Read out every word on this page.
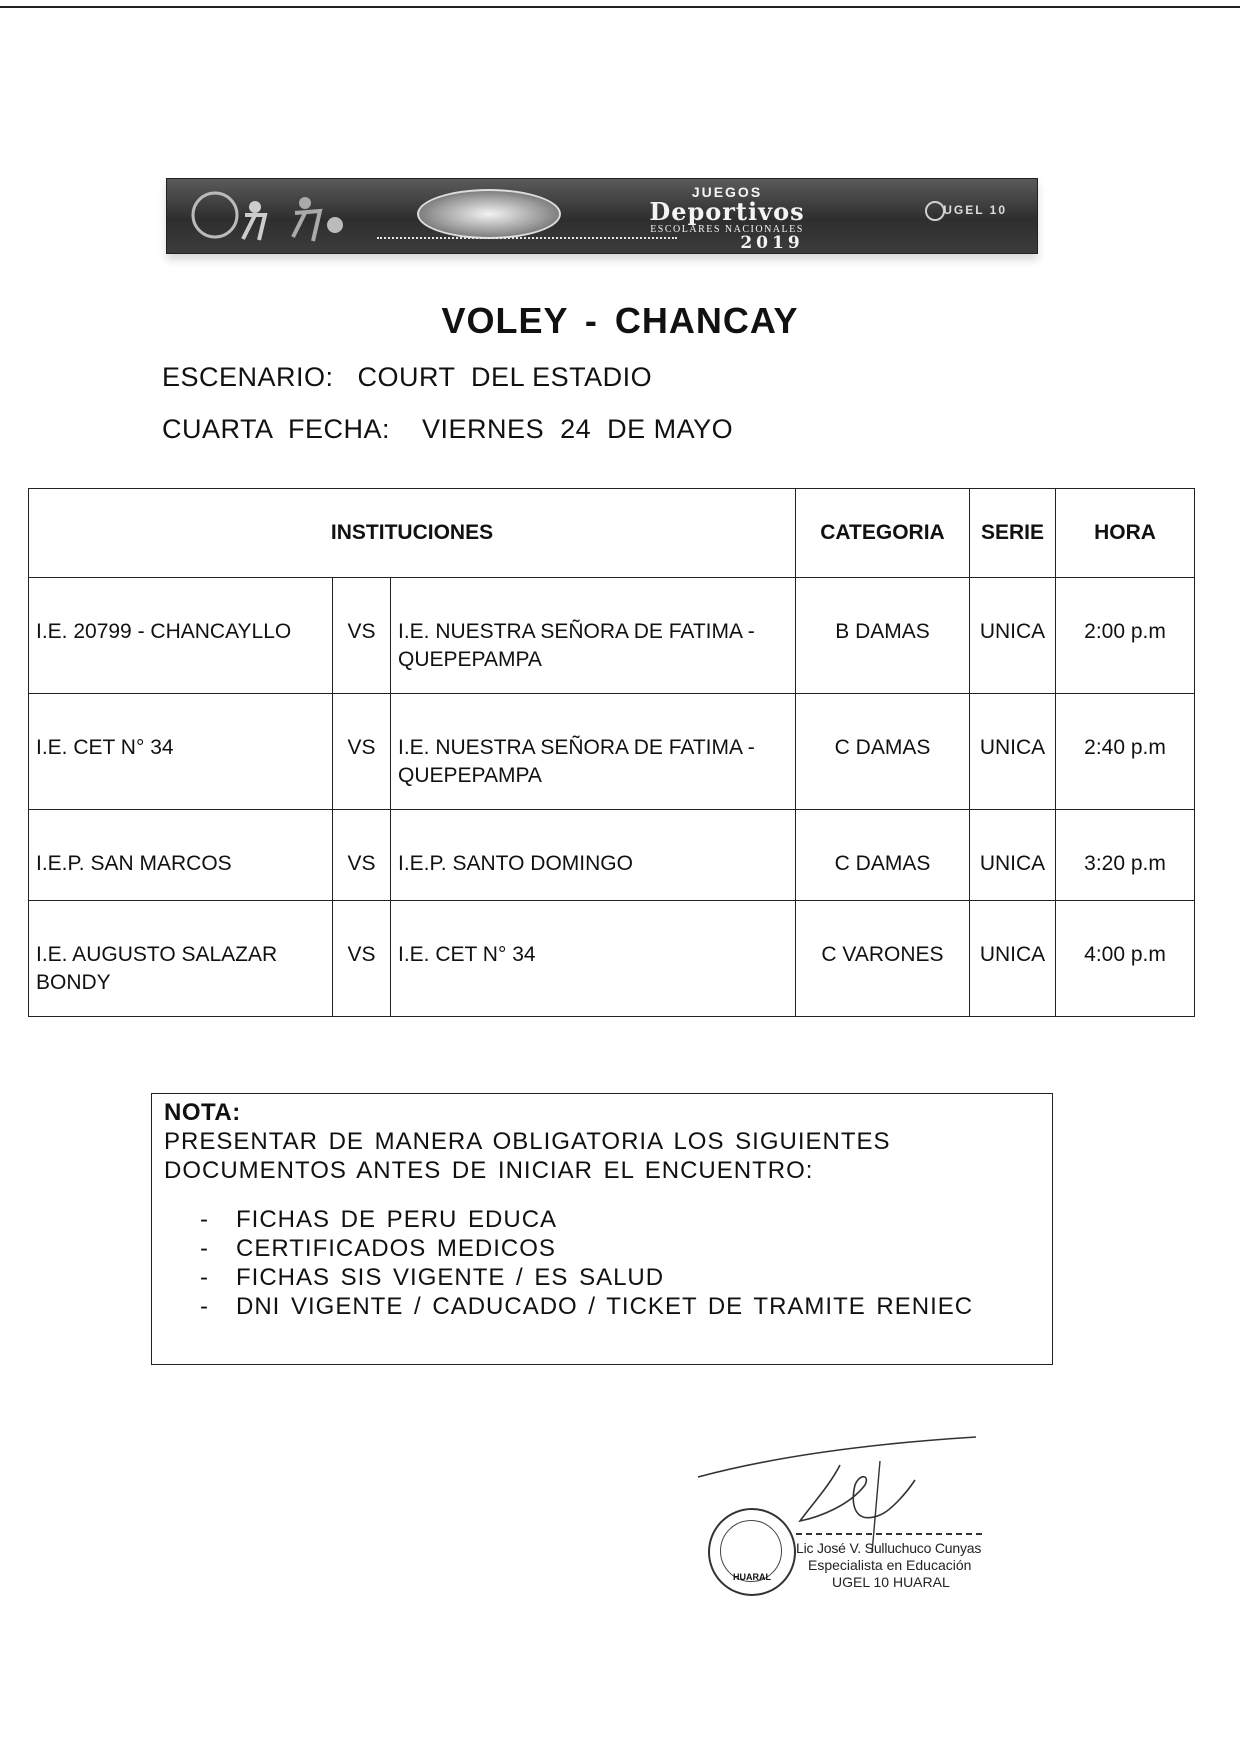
JUEGOS
Deportivos
ESCOLARES NACIONALES
2019
UGEL 10
VOLEY - CHANCAY
ESCENARIO:   COURT  DEL ESTADIO
CUARTA  FECHA:    VIERNES  24  DE MAYO
INSTITUCIONES			CATEGORIA	SERIE	HORA
I.E. 20799 - CHANCAYLLO	VS	I.E. NUESTRA SEÑORA DE FATIMA - QUEPEPAMPA	B DAMAS	UNICA	2:00 p.m
I.E. CET N° 34	VS	I.E. NUESTRA SEÑORA DE FATIMA - QUEPEPAMPA	C DAMAS	UNICA	2:40 p.m
I.E.P. SAN MARCOS	VS	I.E.P. SANTO DOMINGO	C DAMAS	UNICA	3:20 p.m
I.E. AUGUSTO SALAZAR BONDY	VS	I.E. CET N° 34	C VARONES	UNICA	4:00 p.m
NOTA:
PRESENTAR DE MANERA OBLIGATORIA LOS SIGUIENTES DOCUMENTOS ANTES DE INICIAR EL ENCUENTRO:
- FICHAS DE PERU EDUCA
- CERTIFICADOS MEDICOS
- FICHAS SIS VIGENTE / ES SALUD
- DNI VIGENTE / CADUCADO / TICKET DE TRAMITE RENIEC
HUARAL
Lic José V. Sulluchuco Cunyas
Especialista en Educación
UGEL 10 HUARAL
